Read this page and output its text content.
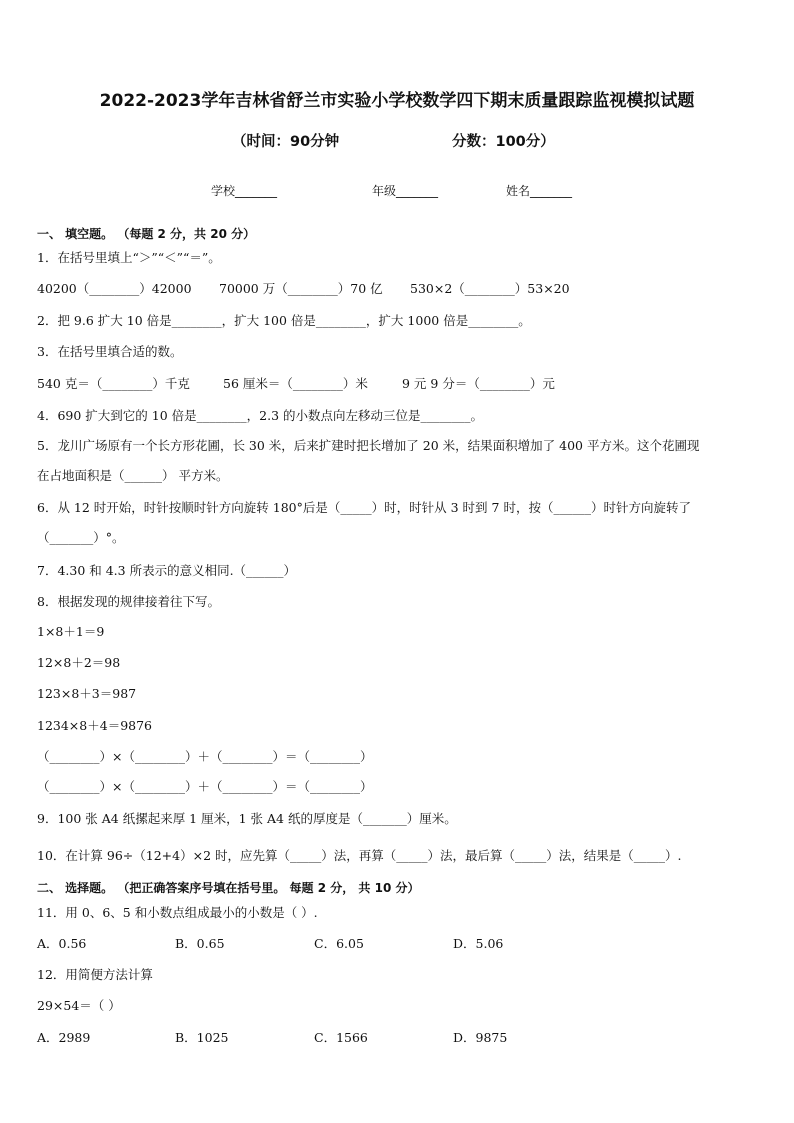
2022-2023学年吉林省舒兰市实验小学校数学四下期末质量跟踪监视模拟试题
（时间：90分钟	分数：100分）
学校_______	年级_______	姓名_______
一、 填空题。 （每题 2 分，共 20 分）
1．在括号里填上“＞”“＜”“＝”。
40200（________）42000 70000 万（________）70 亿 530×2（________）53×20
2．把 9.6 扩大 10 倍是________，扩大 100 倍是________，扩大 1000 倍是________。
3．在括号里填合适的数。
540 克＝（________）千克	56 厘米＝（________）米	9 元 9 分＝（________）元
4．690 扩大到它的 10 倍是________，2.3 的小数点向左移动三位是________。
5．龙川广场原有一个长方形花圃，长 30 米，后来扩建时把长增加了 20 米，结果面积增加了 400 平方米。这个花圃现
在占地面积是（______） 平方米。
6．从 12 时开始，时针按顺时针方向旋转 180°后是（_____）时，时针从 3 时到 7 时，按（______）时针方向旋转了
（_______）°。
7．4.30 和 4.3 所表示的意义相同.（______）
8．根据发现的规律接着往下写。
1×8＋1＝9
12×8＋2＝98
123×8＋3＝987
1234×8＋4＝9876
（________）×（________）＋（________）＝（________）
（________）×（________）＋（________）＝（________）
9．100 张 A4 纸摞起来厚 1 厘米，1 张 A4 纸的厚度是（_______）厘米。
10．在计算 96÷（12+4）×2 时，应先算（_____）法，再算（_____）法，最后算（_____）法，结果是（_____）.
二、 选择题。 （把正确答案序号填在括号里。 每题 2 分， 共 10 分）
11．用 0、6、5 和小数点组成最小的小数是（ ）.
A．0.56	B．0.65	C．6.05	D．5.06
12．用简便方法计算
29×54＝（ ）
A．2989	B．1025	C．1566	D．9875
